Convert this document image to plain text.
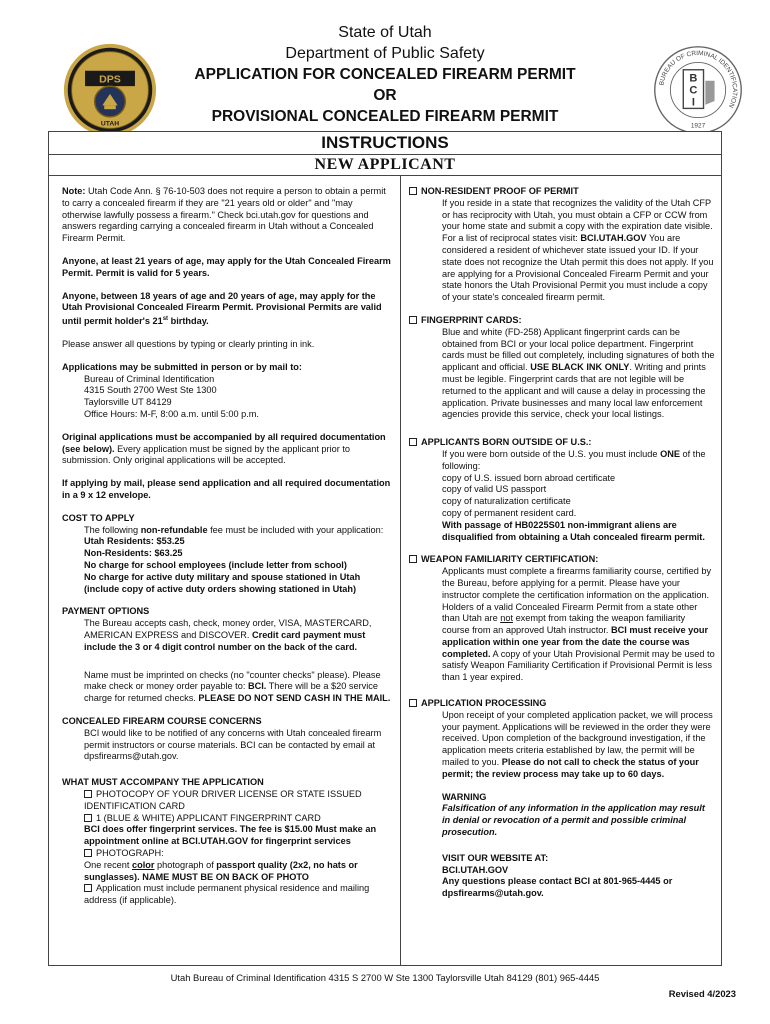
State of Utah
Department of Public Safety
APPLICATION FOR CONCEALED FIREARM PERMIT
OR
PROVISIONAL CONCEALED FIREARM PERMIT
DPS
UTAH
BUREAU OF CRIMINAL IDENTIFICATION
B
C
I
1927
INSTRUCTIONS
NEW APPLICANT
Note: Utah Code Ann. § 76-10-503 does not require a person to obtain a permit to carry a concealed firearm if they are "21 years old or older" and "may otherwise lawfully possess a firearm." Check bci.utah.gov for questions and answers regarding carrying a concealed firearm in Utah without a Concealed Firearm Permit.
Anyone, at least 21 years of age, may apply for the Utah Concealed Firearm Permit. Permit is valid for 5 years.
Anyone, between 18 years of age and 20 years of age, may apply for the Utah Provisional Concealed Firearm Permit. Provisional Permits are valid until permit holder's 21st birthday.
Please answer all questions by typing or clearly printing in ink.
Applications may be submitted in person or by mail to:
Bureau of Criminal Identification
4315 South 2700 West Ste 1300
Taylorsville UT 84129
Office Hours: M-F, 8:00 a.m. until 5:00 p.m.
Original applications must be accompanied by all required documentation (see below). Every application must be signed by the applicant prior to submission. Only original applications will be accepted.
If applying by mail, please send application and all required documentation in a 9 x 12 envelope.
COST TO APPLY
The following non-refundable fee must be included with your application:
Utah Residents: $53.25
Non-Residents: $63.25
No charge for school employees (include letter from school)
No charge for active duty military and spouse stationed in Utah (include copy of active duty orders showing stationed in Utah)
PAYMENT OPTIONS
The Bureau accepts cash, check, money order, VISA, MASTERCARD, AMERICAN EXPRESS and DISCOVER. Credit card payment must include the 3 or 4 digit control number on the back of the card.
Name must be imprinted on checks (no "counter checks" please). Please make check or money order payable to: BCI. There will be a $20 service charge for returned checks. PLEASE DO NOT SEND CASH IN THE MAIL.
CONCEALED FIREARM COURSE CONCERNS
BCI would like to be notified of any concerns with Utah concealed firearm permit instructors or course materials. BCI can be contacted by email at dpsfirearms@utah.gov.
WHAT MUST ACCOMPANY THE APPLICATION
PHOTOCOPY OF YOUR DRIVER LICENSE OR STATE ISSUED IDENTIFICATION CARD
1 (BLUE & WHITE) APPLICANT FINGERPRINT CARD
BCI does offer fingerprint services. The fee is $15.00 Must make an appointment online at BCI.UTAH.GOV for fingerprint services
PHOTOGRAPH:
One recent color photograph of passport quality (2x2, no hats or sunglasses). NAME MUST BE ON BACK OF PHOTO
Application must include permanent physical residence and mailing address (if applicable).
NON-RESIDENT PROOF OF PERMIT
If you reside in a state that recognizes the validity of the Utah CFP or has reciprocity with Utah, you must obtain a CFP or CCW from your home state and submit a copy with the expiration date visible. For a list of reciprocal states visit: BCI.UTAH.GOV You are considered a resident of whichever state issued your ID. If your state does not recognize the Utah permit this does not apply. If you are applying for a Provisional Concealed Firearm Permit and your state honors the Utah Provisional Permit you must include a copy of your state's concealed firearm permit.
FINGERPRINT CARDS:
Blue and white (FD-258) Applicant fingerprint cards can be obtained from BCI or your local police department. Fingerprint cards must be filled out completely, including signatures of both the applicant and official. USE BLACK INK ONLY. Writing and prints must be legible. Fingerprint cards that are not legible will be returned to the applicant and will cause a delay in processing the application. Private businesses and many local law enforcement agencies provide this service, check your local listings.
APPLICANTS BORN OUTSIDE OF U.S.:
If you were born outside of the U.S. you must include ONE of the following:
copy of U.S. issued born abroad certificate
copy of valid US passport
copy of naturalization certificate
copy of permanent resident card.
With passage of HB0225S01 non-immigrant aliens are disqualified from obtaining a Utah concealed firearm permit.
WEAPON FAMILIARITY CERTIFICATION:
Applicants must complete a firearms familiarity course, certified by the Bureau, before applying for a permit. Please have your instructor complete the certification information on the application. Holders of a valid Concealed Firearm Permit from a state other than Utah are not exempt from taking the weapon familiarity course from an approved Utah instructor. BCI must receive your application within one year from the date the course was completed. A copy of your Utah Provisional Permit may be used to satisfy Weapon Familiarity Certification if Provisional Permit is less than 1 year expired.
APPLICATION PROCESSING
Upon receipt of your completed application packet, we will process your payment. Applications will be reviewed in the order they were received. Upon completion of the background investigation, if the application meets criteria established by law, the permit will be mailed to you. Please do not call to check the status of your permit; the review process may take up to 60 days.
WARNING
Falsification of any information in the application may result in denial or revocation of a permit and possible criminal prosecution.
VISIT OUR WEBSITE AT:
BCI.UTAH.GOV
Any questions please contact BCI at 801-965-4445 or dpsfirearms@utah.gov.
Utah Bureau of Criminal Identification 4315 S 2700 W Ste 1300 Taylorsville Utah 84129 (801) 965-4445
Revised 4/2023
